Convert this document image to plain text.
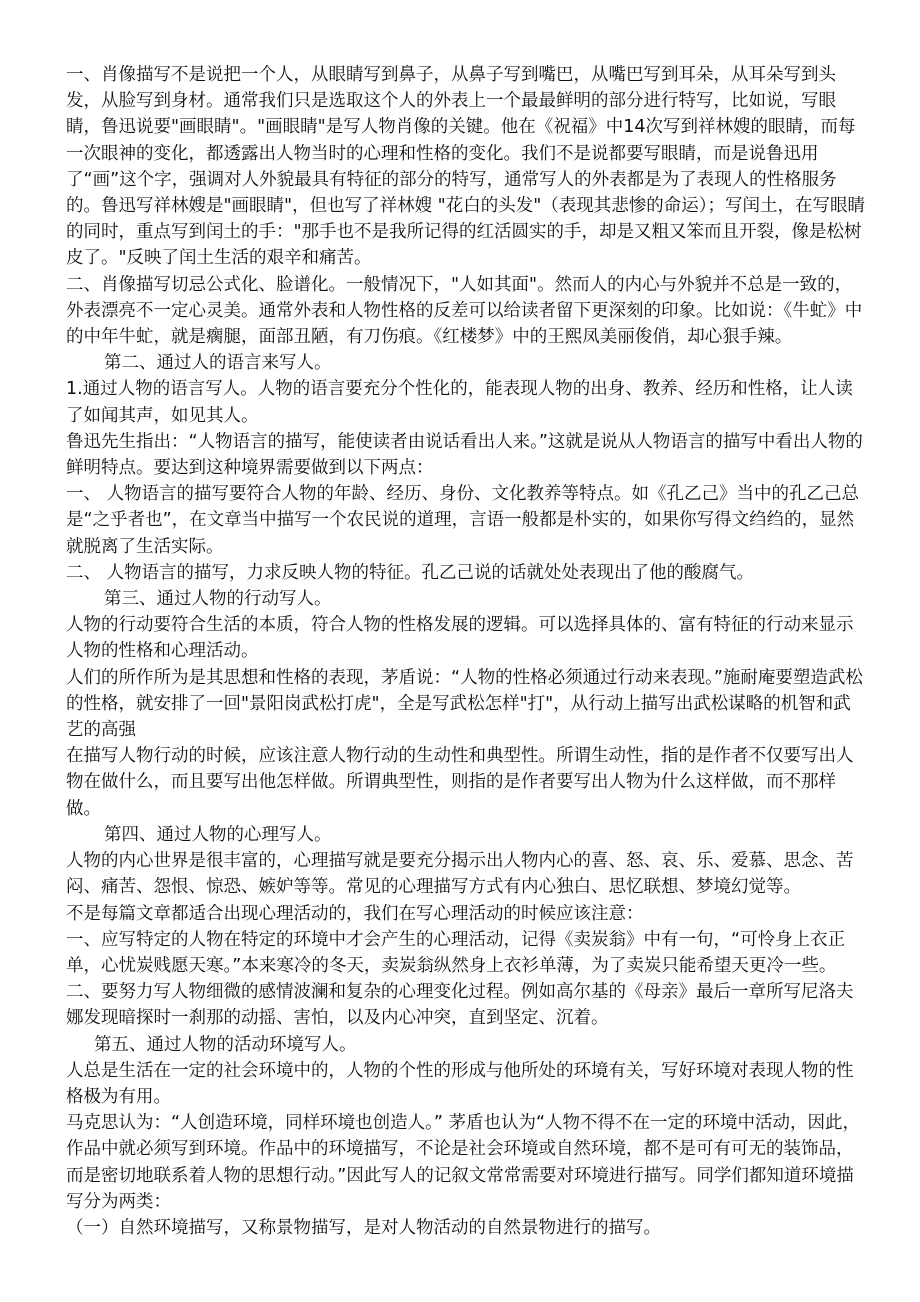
一、肖像描写不是说把一个人，从眼睛写到鼻子，从鼻子写到嘴巴，从嘴巴写到耳朵，从耳朵写到头发，从脸写到身材。通常我们只是选取这个人的外表上一个最最鲜明的部分进行特写，比如说，写眼睛，鲁迅说要"画眼睛"。"画眼睛"是写人物肖像的关键。他在《祝福》中14次写到祥林嫂的眼睛，而每一次眼神的变化，都透露出人物当时的心理和性格的变化。我们不是说都要写眼睛，而是说鲁迅用了“画”这个字，强调对人外貌最具有特征的部分的特写，通常写人的外表都是为了表现人的性格服务的。鲁迅写祥林嫂是"画眼睛"，但也写了祥林嫂 "花白的头发"（表现其悲惨的命运）；写闰土，在写眼睛的同时，重点写到闰土的手："那手也不是我所记得的红活圆实的手，却是又粗又笨而且开裂，像是松树皮了。"反映了闰土生活的艰辛和痛苦。

二、肖像描写切忌公式化、脸谱化。一般情况下，"人如其面"。然而人的内心与外貌并不总是一致的，外表漂亮不一定心灵美。通常外表和人物性格的反差可以给读者留下更深刻的印象。比如说：《牛虻》中的中年牛虻，就是瘸腿，面部丑陋，有刀伤痕。《红楼梦》中的王熙凤美丽俊俏，却心狠手辣。

第二、通过人的语言来写人。

1.通过人物的语言写人。人物的语言要充分个性化的，能表现人物的出身、教养、经历和性格，让人读了如闻其声，如见其人。

鲁迅先生指出：“人物语言的描写，能使读者由说话看出人来。”这就是说从人物语言的描写中看出人物的鲜明特点。要达到这种境界需要做到以下两点：

一、 人物语言的描写要符合人物的年龄、经历、身份、文化教养等特点。如《孔乙己》当中的孔乙己总是“之乎者也”，在文章当中描写一个农民说的道理，言语一般都是朴实的，如果你写得文绉绉的，显然就脱离了生活实际。

二、 人物语言的描写，力求反映人物的特征。孔乙己说的话就处处表现出了他的酸腐气。

第三、通过人物的行动写人。

人物的行动要符合生活的本质，符合人物的性格发展的逻辑。可以选择具体的、富有特征的行动来显示人物的性格和心理活动。

人们的所作所为是其思想和性格的表现，茅盾说：“人物的性格必须通过行动来表现。”施耐庵要塑造武松的性格，就安排了一回"景阳岗武松打虎"，全是写武松怎样"打"，从行动上描写出武松谋略的机智和武艺的高强

在描写人物行动的时候，应该注意人物行动的生动性和典型性。所谓生动性，指的是作者不仅要写出人物在做什么，而且要写出他怎样做。所谓典型性，则指的是作者要写出人物为什么这样做，而不那样做。

第四、通过人物的心理写人。

人物的内心世界是很丰富的，心理描写就是要充分揭示出人物内心的喜、怒、哀、乐、爱慕、思念、苦闷、痛苦、怨恨、惊恐、嫉妒等等。常见的心理描写方式有内心独白、思忆联想、梦境幻觉等。

不是每篇文章都适合出现心理活动的，我们在写心理活动的时候应该注意：

一、应写特定的人物在特定的环境中才会产生的心理活动，记得《卖炭翁》中有一句，“可怜身上衣正单，心忧炭贱愿天寒。”本来寒冷的冬天，卖炭翁纵然身上衣衫单薄，为了卖炭只能希望天更冷一些。

二、要努力写人物细微的感情波澜和复杂的心理变化过程。例如高尔基的《母亲》最后一章所写尼洛夫娜发现暗探时一刹那的动摇、害怕，以及内心冲突，直到坚定、沉着。

第五、通过人物的活动环境写人。

人总是生活在一定的社会环境中的，人物的个性的形成与他所处的环境有关，写好环境对表现人物的性格极为有用。

马克思认为：“人创造环境，同样环境也创造人。” 茅盾也认为“人物不得不在一定的环境中活动，因此，作品中就必须写到环境。作品中的环境描写，不论是社会环境或自然环境，都不是可有可无的装饰品，而是密切地联系着人物的思想行动。”因此写人的记叙文常常需要对环境进行描写。同学们都知道环境描写分为两类：

（一）自然环境描写，又称景物描写，是对人物活动的自然景物进行的描写。
